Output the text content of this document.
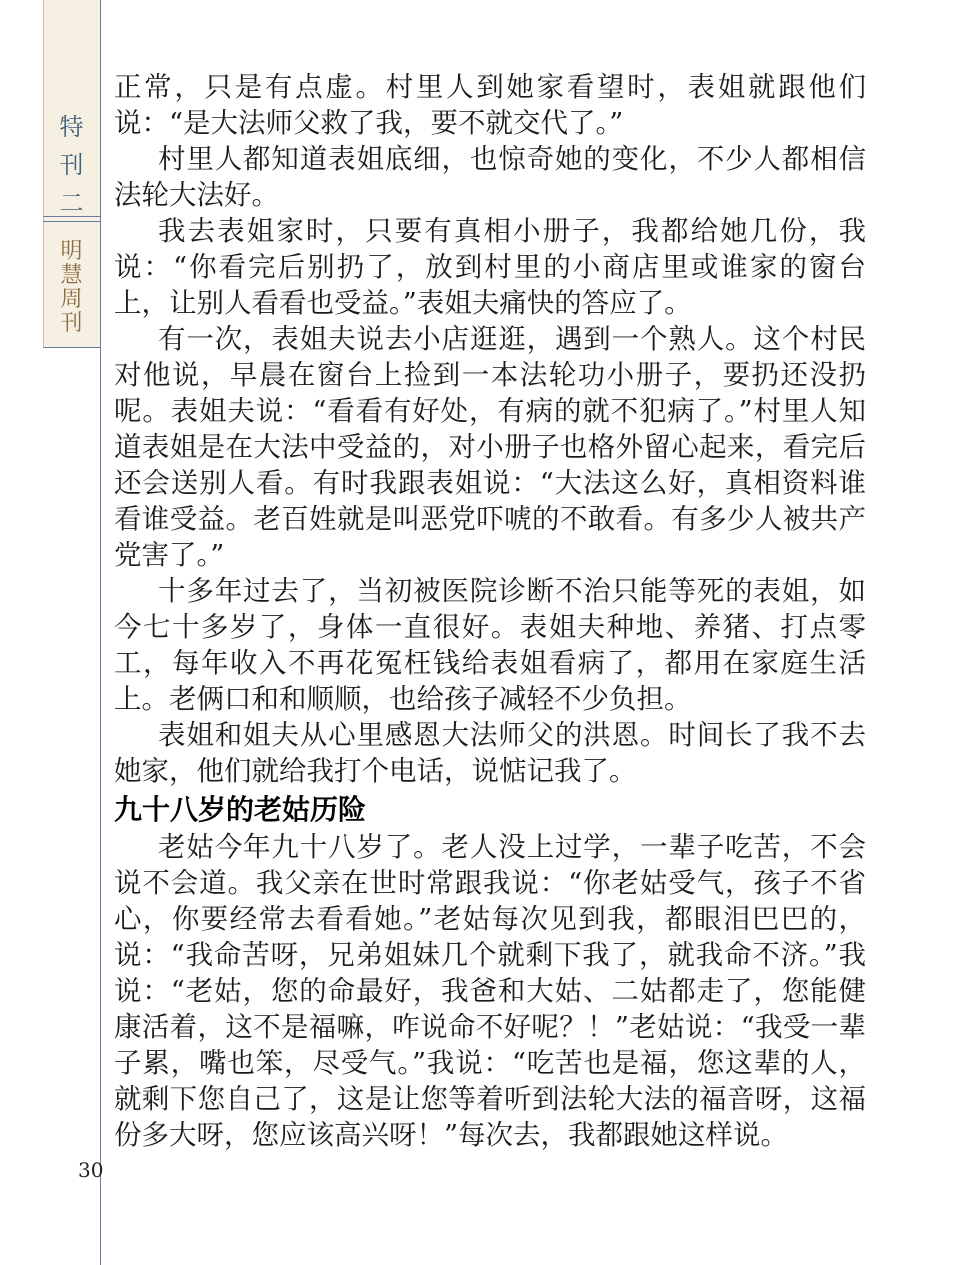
特
刊
二
明
慧
周
刊
30

正常，只是有点虚。村里人到她家看望时，表姐就跟他们说：“是大法师父救了我，要不就交代了。”

村里人都知道表姐底细，也惊奇她的变化，不少人都相信法轮大法好。

我去表姐家时，只要有真相小册子，我都给她几份，我说：“你看完后别扔了，放到村里的小商店里或谁家的窗台上，让别人看看也受益。”表姐夫痛快的答应了。

有一次，表姐夫说去小店逛逛，遇到一个熟人。这个村民对他说，早晨在窗台上捡到一本法轮功小册子，要扔还没扔呢。表姐夫说：“看看有好处，有病的就不犯病了。”村里人知道表姐是在大法中受益的，对小册子也格外留心起来，看完后还会送别人看。有时我跟表姐说：“大法这么好，真相资料谁看谁受益。老百姓就是叫恶党吓唬的不敢看。有多少人被共产党害了。”

十多年过去了，当初被医院诊断不治只能等死的表姐，如今七十多岁了，身体一直很好。表姐夫种地、养猪、打点零工，每年收入不再花冤枉钱给表姐看病了，都用在家庭生活上。老俩口和和顺顺，也给孩子减轻不少负担。

表姐和姐夫从心里感恩大法师父的洪恩。时间长了我不去她家，他们就给我打个电话，说惦记我了。

九十八岁的老姑历险

老姑今年九十八岁了。老人没上过学，一辈子吃苦，不会说不会道。我父亲在世时常跟我说：“你老姑受气，孩子不省心，你要经常去看看她。”老姑每次见到我，都眼泪巴巴的，说：“我命苦呀，兄弟姐妹几个就剩下我了，就我命不济。”我说：“老姑，您的命最好，我爸和大姑、二姑都走了，您能健康活着，这不是福嘛，咋说命不好呢？！”老姑说：“我受一辈子累，嘴也笨，尽受气。”我说：“吃苦也是福，您这辈的人，就剩下您自己了，这是让您等着听到法轮大法的福音呀，这福份多大呀，您应该高兴呀！”每次去，我都跟她这样说。
